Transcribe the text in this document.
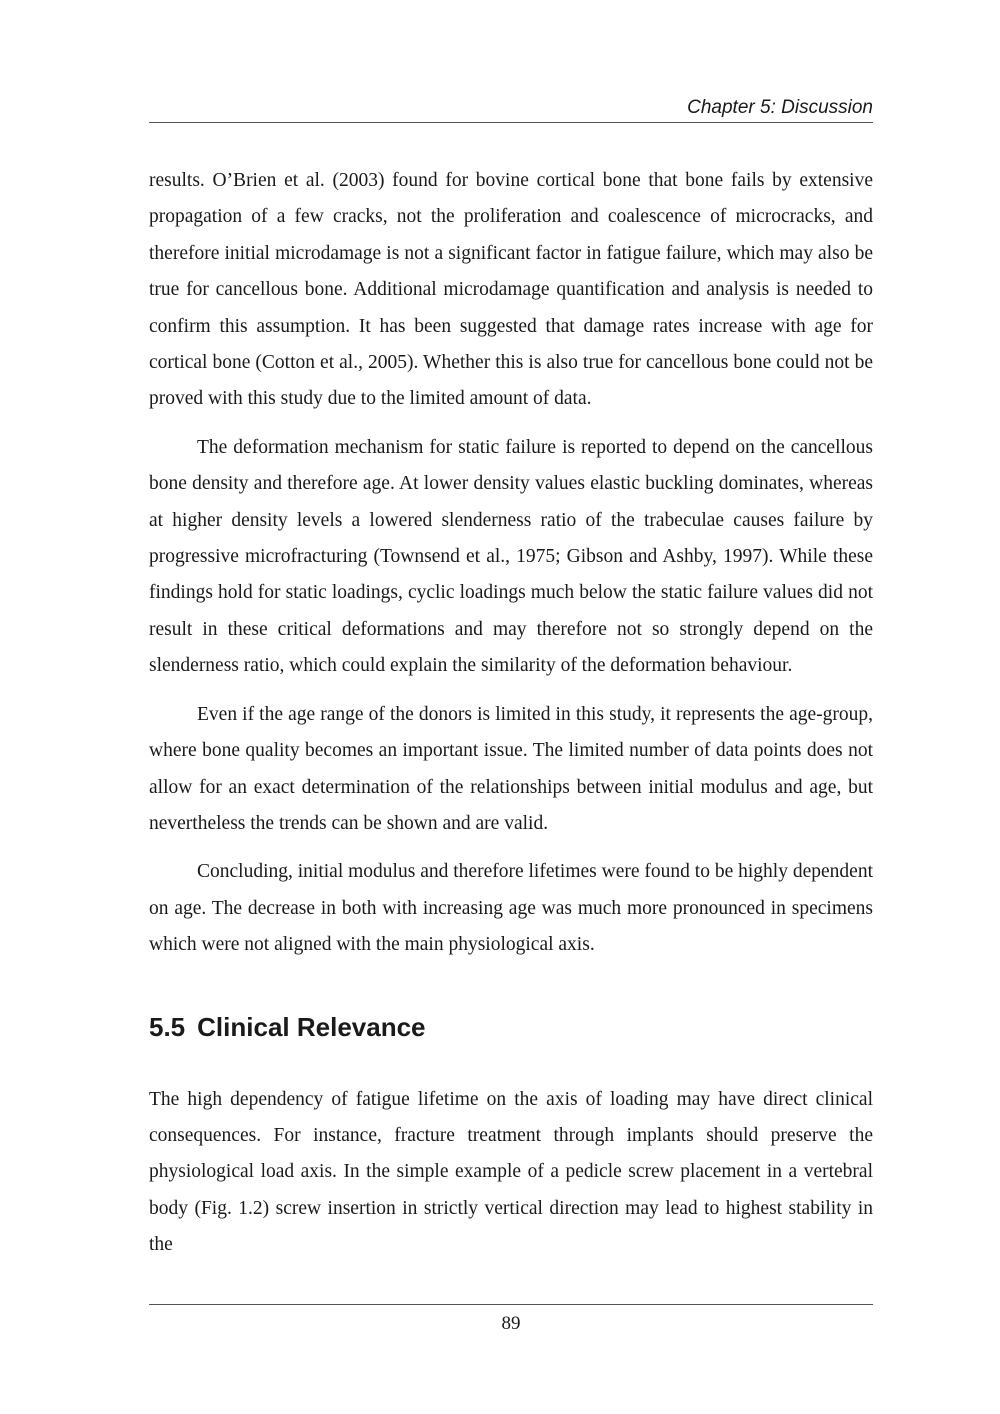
Chapter 5: Discussion

results. O’Brien et al. (2003) found for bovine cortical bone that bone fails by extensive propagation of a few cracks, not the proliferation and coalescence of microcracks, and therefore initial microdamage is not a significant factor in fatigue failure, which may also be true for cancellous bone. Additional microdamage quantification and analysis is needed to confirm this assumption. It has been suggested that damage rates increase with age for cortical bone (Cotton et al., 2005). Whether this is also true for cancellous bone could not be proved with this study due to the limited amount of data.

The deformation mechanism for static failure is reported to depend on the cancellous bone density and therefore age. At lower density values elastic buckling dominates, whereas at higher density levels a lowered slenderness ratio of the trabeculae causes failure by progressive microfracturing (Townsend et al., 1975; Gibson and Ashby, 1997). While these findings hold for static loadings, cyclic loadings much below the static failure values did not result in these critical deformations and may therefore not so strongly depend on the slenderness ratio, which could explain the similarity of the deformation behaviour.

Even if the age range of the donors is limited in this study, it represents the age-group, where bone quality becomes an important issue. The limited number of data points does not allow for an exact determination of the relationships between initial modulus and age, but nevertheless the trends can be shown and are valid.

Concluding, initial modulus and therefore lifetimes were found to be highly dependent on age. The decrease in both with increasing age was much more pronounced in specimens which were not aligned with the main physiological axis.

5.5 Clinical Relevance

The high dependency of fatigue lifetime on the axis of loading may have direct clinical consequences. For instance, fracture treatment through implants should preserve the physiological load axis. In the simple example of a pedicle screw placement in a vertebral body (Fig. 1.2) screw insertion in strictly vertical direction may lead to highest stability in the

89
